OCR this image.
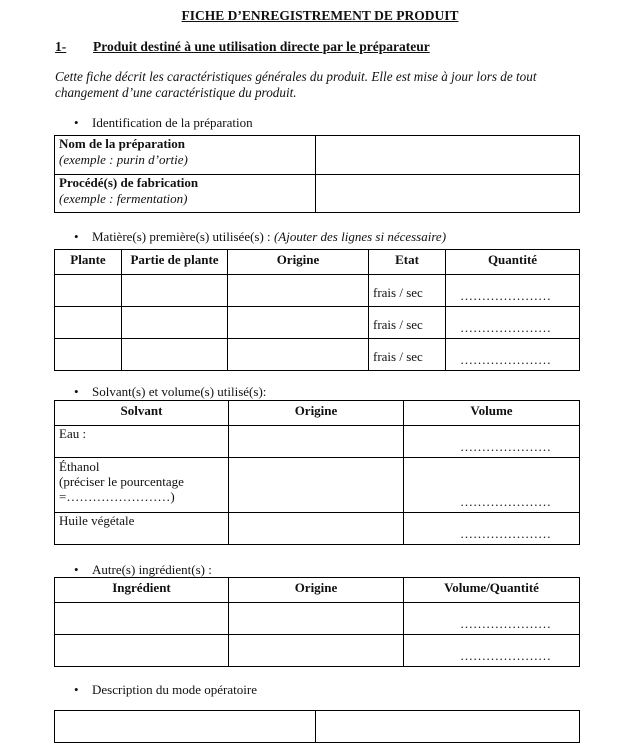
FICHE D’ENREGISTREMENT DE PRODUIT
1- Produit destiné à une utilisation directe par le préparateur
Cette fiche décrit les caractéristiques générales du produit. Elle est mise à jour lors de tout changement d’une caractéristique du produit.
• Identification de la préparation
Nom de la préparation
(exemple : purin d’ortie)	

Procédé(s) de fabrication
(exemple : fermentation)	

• Matière(s) première(s) utilisée(s) : (Ajouter des lignes si nécessaire)
Plante	Partie de plante	Origine	Etat	Quantité
			frais / sec	…………………

			frais / sec	…………………

			frais / sec	…………………
• Solvant(s) et volume(s) utilisé(s):
Solvant	Origine	Volume
Eau :		…………………

Éthanol
(préciser le pourcentage
=……………………)		…………………

Huile végétale		…………………
• Autre(s) ingrédient(s) :
Ingrédient	Origine	Volume/Quantité

		…………………

		…………………
• Description du mode opératoire
